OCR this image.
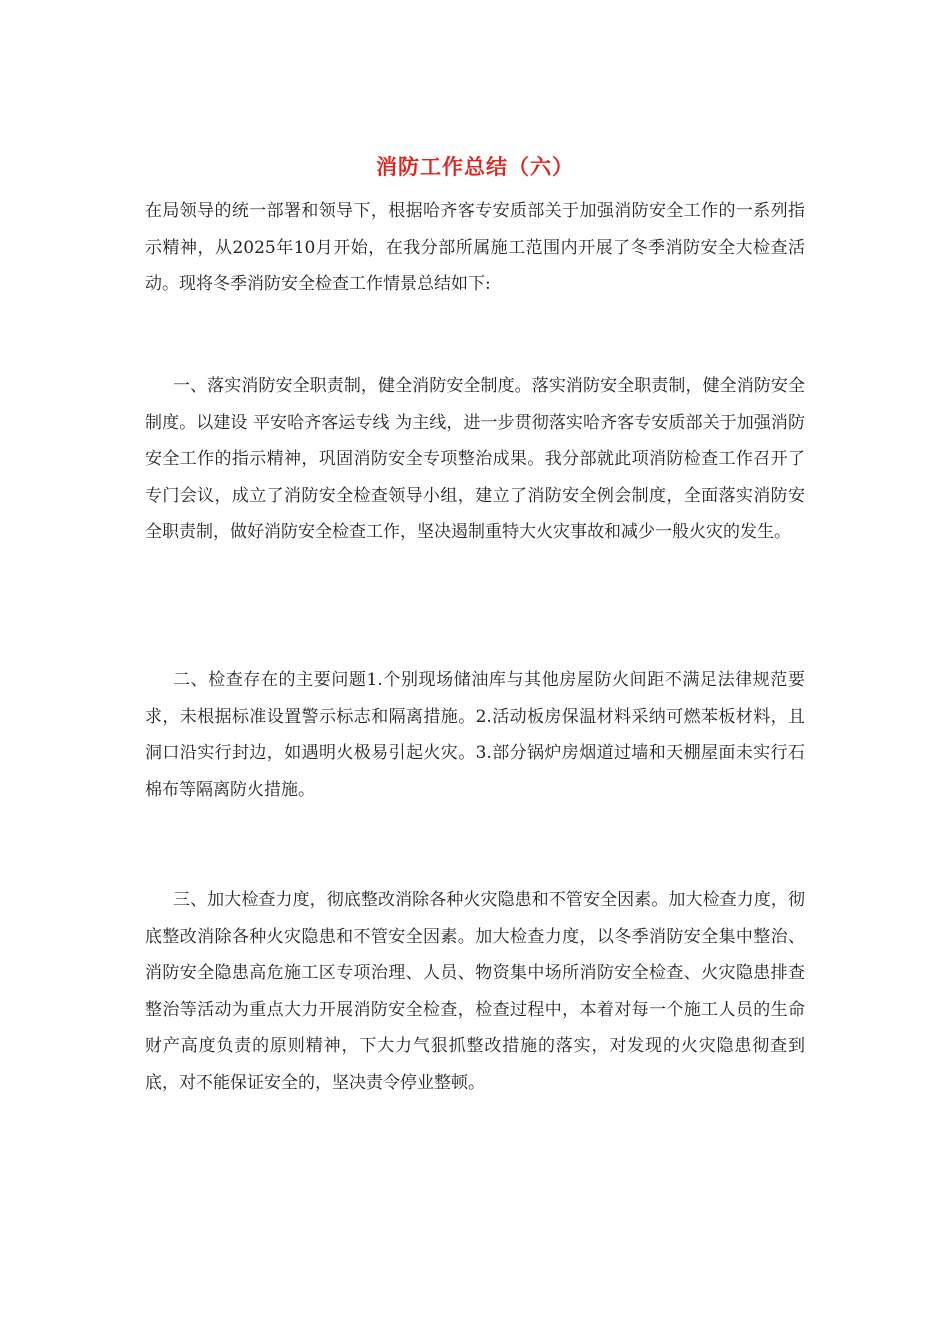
消防工作总结（六）

在局领导的统一部署和领导下，根据哈齐客专安质部关于加强消防安全工作的一系列指示精神，从2025年10月开始，在我分部所属施工范围内开展了冬季消防安全大检查活动。现将冬季消防安全检查工作情景总结如下:

一、落实消防安全职责制，健全消防安全制度。落实消防安全职责制，健全消防安全制度。以建设 平安哈齐客运专线 为主线，进一步贯彻落实哈齐客专安质部关于加强消防安全工作的指示精神，巩固消防安全专项整治成果。我分部就此项消防检查工作召开了专门会议，成立了消防安全检查领导小组，建立了消防安全例会制度，全面落实消防安全职责制，做好消防安全检查工作，坚决遏制重特大火灾事故和减少一般火灾的发生。

二、检查存在的主要问题1.个别现场储油库与其他房屋防火间距不满足法律规范要求，未根据标准设置警示标志和隔离措施。2.活动板房保温材料采纳可燃苯板材料，且洞口沿实行封边，如遇明火极易引起火灾。3.部分锅炉房烟道过墙和天棚屋面未实行石棉布等隔离防火措施。

三、加大检查力度，彻底整改消除各种火灾隐患和不管安全因素。加大检查力度，彻底整改消除各种火灾隐患和不管安全因素。加大检查力度，以冬季消防安全集中整治、消防安全隐患高危施工区专项治理、人员、物资集中场所消防安全检查、火灾隐患排查整治等活动为重点大力开展消防安全检查，检查过程中，本着对每一个施工人员的生命财产高度负责的原则精神，下大力气狠抓整改措施的落实，对发现的火灾隐患彻查到底，对不能保证安全的，坚决责令停业整顿。
